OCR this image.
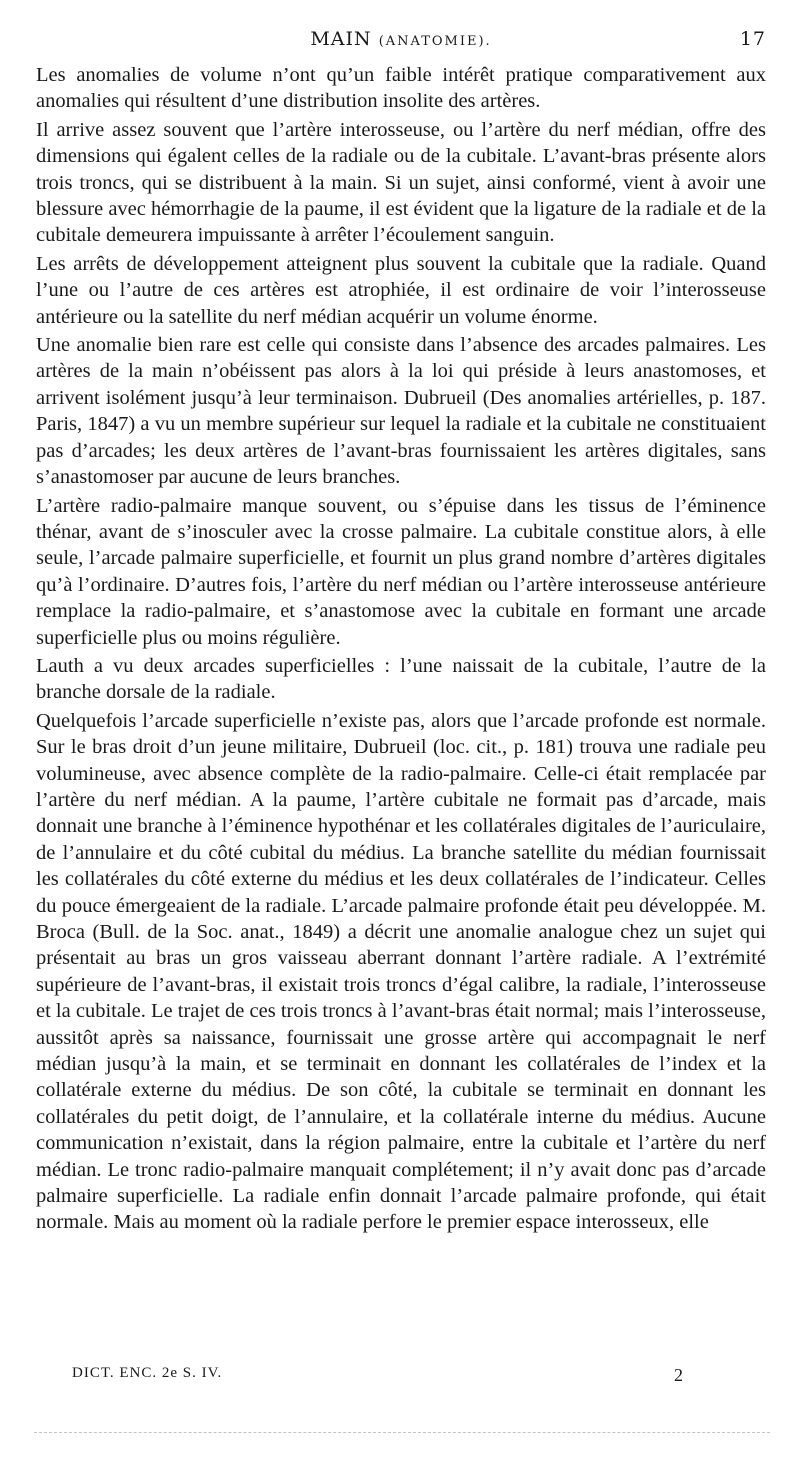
MAIN (ANATOMIE).	17

Les anomalies de volume n’ont qu’un faible intérêt pratique comparativement aux anomalies qui résultent d’une distribution insolite des artères.

Il arrive assez souvent que l’artère interosseuse, ou l’artère du nerf médian, offre des dimensions qui égalent celles de la radiale ou de la cubitale. L’avant-bras présente alors trois troncs, qui se distribuent à la main. Si un sujet, ainsi conformé, vient à avoir une blessure avec hémorrhagie de la paume, il est évident que la ligature de la radiale et de la cubitale demeurera impuissante à arrêter l’écoulement sanguin.

Les arrêts de développement atteignent plus souvent la cubitale que la radiale. Quand l’une ou l’autre de ces artères est atrophiée, il est ordinaire de voir l’interosseuse antérieure ou la satellite du nerf médian acquérir un volume énorme.

Une anomalie bien rare est celle qui consiste dans l’absence des arcades palmaires. Les artères de la main n’obéissent pas alors à la loi qui préside à leurs anastomoses, et arrivent isolément jusqu’à leur terminaison. Dubrueil (Des anomalies artérielles, p. 187. Paris, 1847) a vu un membre supérieur sur lequel la radiale et la cubitale ne constituaient pas d’arcades; les deux artères de l’avant-bras fournissaient les artères digitales, sans s’anastomoser par aucune de leurs branches.

L’artère radio-palmaire manque souvent, ou s’épuise dans les tissus de l’éminence thénar, avant de s’inosculer avec la crosse palmaire. La cubitale constitue alors, à elle seule, l’arcade palmaire superficielle, et fournit un plus grand nombre d’artères digitales qu’à l’ordinaire. D’autres fois, l’artère du nerf médian ou l’artère interosseuse antérieure remplace la radio-palmaire, et s’anastomose avec la cubitale en formant une arcade superficielle plus ou moins régulière.

Lauth a vu deux arcades superficielles : l’une naissait de la cubitale, l’autre de la branche dorsale de la radiale.

Quelquefois l’arcade superficielle n’existe pas, alors que l’arcade profonde est normale. Sur le bras droit d’un jeune militaire, Dubrueil (loc. cit., p. 181) trouva une radiale peu volumineuse, avec absence complète de la radio-palmaire. Celle-ci était remplacée par l’artère du nerf médian. A la paume, l’artère cubitale ne formait pas d’arcade, mais donnait une branche à l’éminence hypothénar et les collatérales digitales de l’auriculaire, de l’annulaire et du côté cubital du médius. La branche satellite du médian fournissait les collatérales du côté externe du médius et les deux collatérales de l’indicateur. Celles du pouce émergeaient de la radiale. L’arcade palmaire profonde était peu développée. M. Broca (Bull. de la Soc. anat., 1849) a décrit une anomalie analogue chez un sujet qui présentait au bras un gros vaisseau aberrant donnant l’artère radiale. A l’extrémité supérieure de l’avant-bras, il existait trois troncs d’égal calibre, la radiale, l’interosseuse et la cubitale. Le trajet de ces trois troncs à l’avant-bras était normal; mais l’interosseuse, aussitôt après sa naissance, fournissait une grosse artère qui accompagnait le nerf médian jusqu’à la main, et se terminait en donnant les collatérales de l’index et la collatérale externe du médius. De son côté, la cubitale se terminait en donnant les collatérales du petit doigt, de l’annulaire, et la collatérale interne du médius. Aucune communication n’existait, dans la région palmaire, entre la cubitale et l’artère du nerf médian. Le tronc radio-palmaire manquait complétement; il n’y avait donc pas d’arcade palmaire superficielle. La radiale enfin donnait l’arcade palmaire profonde, qui était normale. Mais au moment où la radiale perfore le premier espace interosseux, elle

DICT. ENC. 2e S. IV.	2
